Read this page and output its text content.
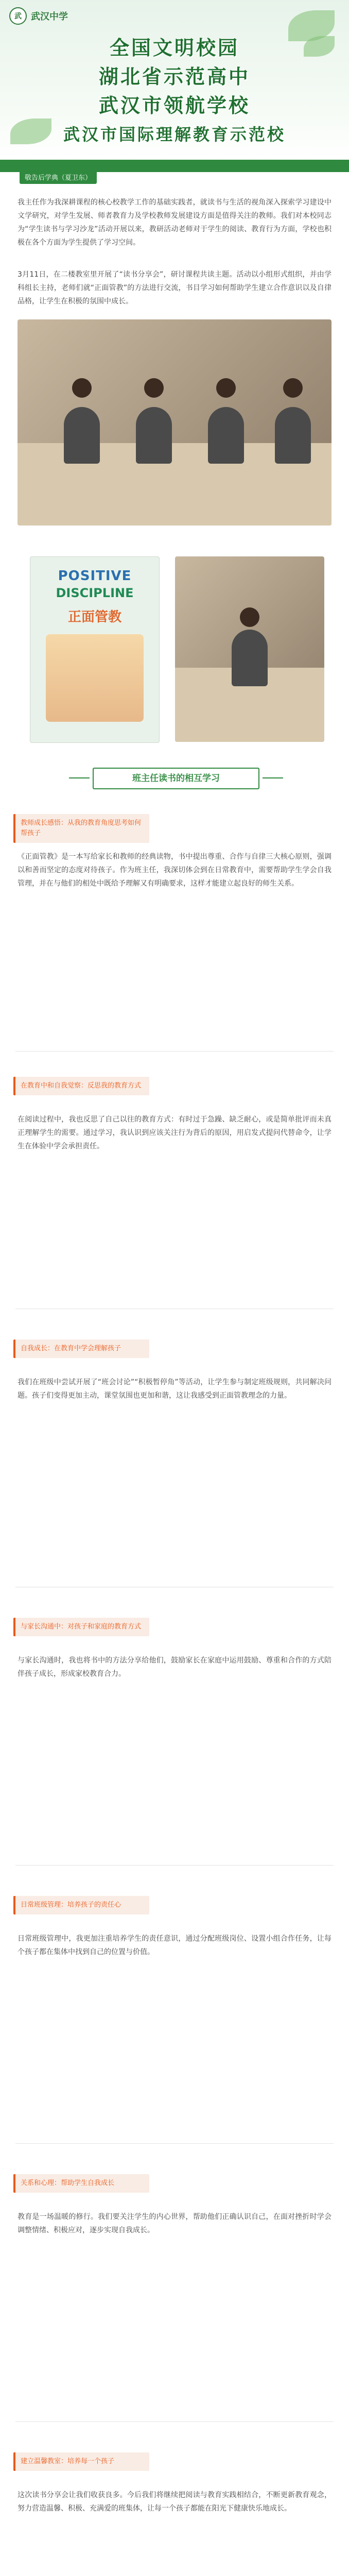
武	武汉中学
全国文明校园
湖北省示范高中
武汉市领航学校
武汉市国际理解教育示范校
敬告后学典（夏卫东）
我主任作为我深耕课程的核心校教学工作的基础实践者，就读书与生活的视角深入探索学习建设中文学研究，对学生发展、师者教育力及学校教师发展建设方面是值得关注的教师。我们对本校同志为“学生读书与学习沙龙”活动开展以来，教研活动老师对于学生的阅读、教育行为方面，学校也积极在各个方面为学生提供了学习空间。
3月11日，在二楼教室里开展了“读书分享会”，研讨课程共读主题。活动以小组形式组织，并由学科组长主持，老师们就“正面管教”的方法进行交流，书目学习如何帮助学生建立合作意识以及自律品格，让学生在积极的氛围中成长。
POSITIVE
DISCIPLINE
正面管教
班主任读书的相互学习
教师成长感悟：从我的教育角度思考如何帮孩子
《正面管教》是一本写给家长和教师的经典读物，书中提出尊重、合作与自律三大核心原则，强调以和善而坚定的态度对待孩子。作为班主任，我深切体会到在日常教育中，需要帮助学生学会自我管理，并在与他们的相处中既给予理解又有明确要求，这样才能建立起良好的师生关系。
在教育中和自我觉察：反思我的教育方式
在阅读过程中，我也反思了自己以往的教育方式：有时过于急躁、缺乏耐心，或是简单批评而未真正理解学生的需要。通过学习，我认识到应该关注行为背后的原因，用启发式提问代替命令，让学生在体验中学会承担责任。
自我成长：在教育中学会理解孩子
我们在班级中尝试开展了“班会讨论”“积极暂停角”等活动，让学生参与制定班级规则，共同解决问题。孩子们变得更加主动，课堂氛围也更加和谐，这让我感受到正面管教理念的力量。
与家长沟通中：对孩子和家庭的教育方式
与家长沟通时，我也将书中的方法分享给他们，鼓励家长在家庭中运用鼓励、尊重和合作的方式陪伴孩子成长，形成家校教育合力。
日常班级管理：培养孩子的责任心
日常班级管理中，我更加注重培养学生的责任意识，通过分配班级岗位、设置小组合作任务，让每个孩子都在集体中找到自己的位置与价值。
关系和心理：帮助学生自我成长
教育是一场温暖的修行。我们要关注学生的内心世界，帮助他们正确认识自己，在面对挫折时学会调整情绪、积极应对，逐步实现自我成长。
建立温馨教室：培养每一个孩子
这次读书分享会让我们收获良多。今后我们将继续把阅读与教育实践相结合，不断更新教育观念，努力营造温馨、积极、充满爱的班集体，让每一个孩子都能在阳光下健康快乐地成长。
